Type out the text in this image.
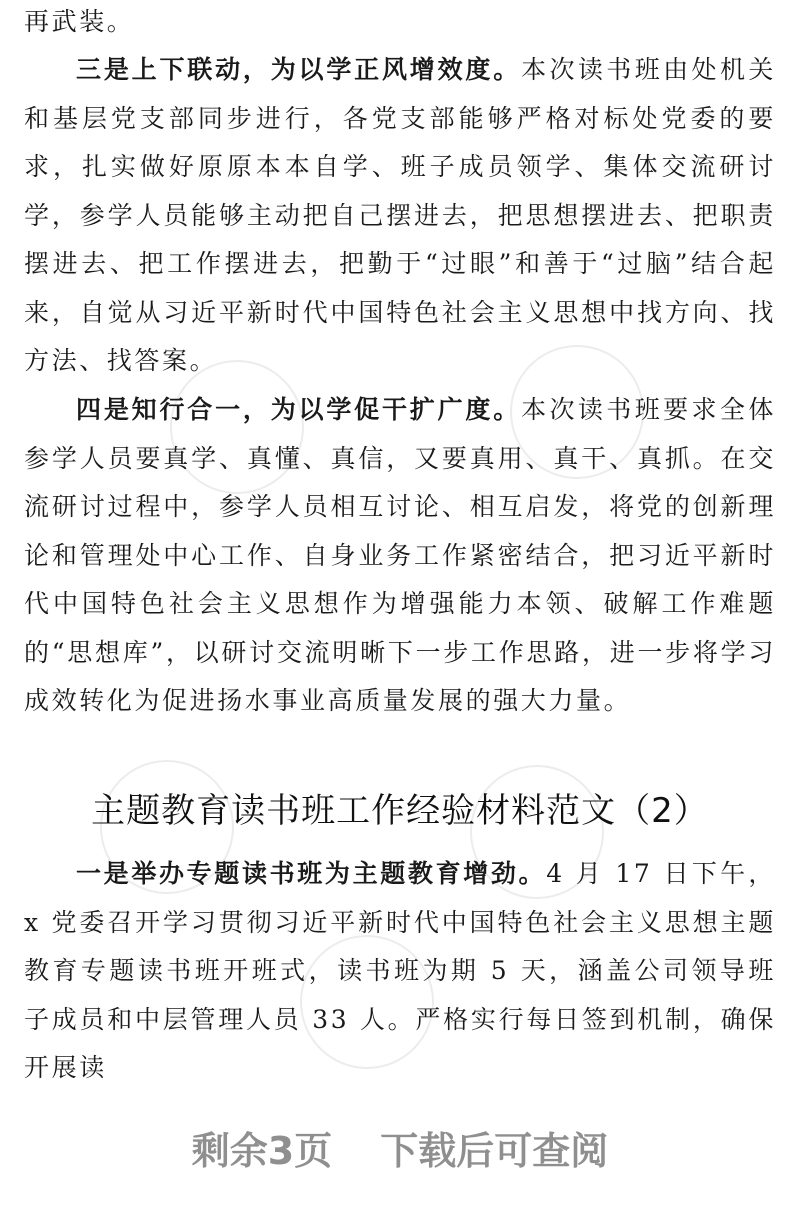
再武装。

三是上下联动，为以学正风增效度。本次读书班由处机关和基层党支部同步进行，各党支部能够严格对标处党委的要求，扎实做好原原本本自学、班子成员领学、集体交流研讨学，参学人员能够主动把自己摆进去，把思想摆进去、把职责摆进去、把工作摆进去，把勤于“过眼”和善于“过脑”结合起来，自觉从习近平新时代中国特色社会主义思想中找方向、找方法、找答案。

四是知行合一，为以学促干扩广度。本次读书班要求全体参学人员要真学、真懂、真信，又要真用、真干、真抓。在交流研讨过程中，参学人员相互讨论、相互启发，将党的创新理论和管理处中心工作、自身业务工作紧密结合，把习近平新时代中国特色社会主义思想作为增强能力本领、破解工作难题的“思想库”，以研讨交流明晰下一步工作思路，进一步将学习成效转化为促进扬水事业高质量发展的强大力量。

主题教育读书班工作经验材料范文（2）

一是举办专题读书班为主题教育增劲。4 月 17 日下午，x 党委召开学习贯彻习近平新时代中国特色社会主义思想主题教育专题读书班开班式，读书班为期 5 天，涵盖公司领导班子成员和中层管理人员 33 人。严格实行每日签到机制，确保开展读

剩余3页 下载后可查阅
